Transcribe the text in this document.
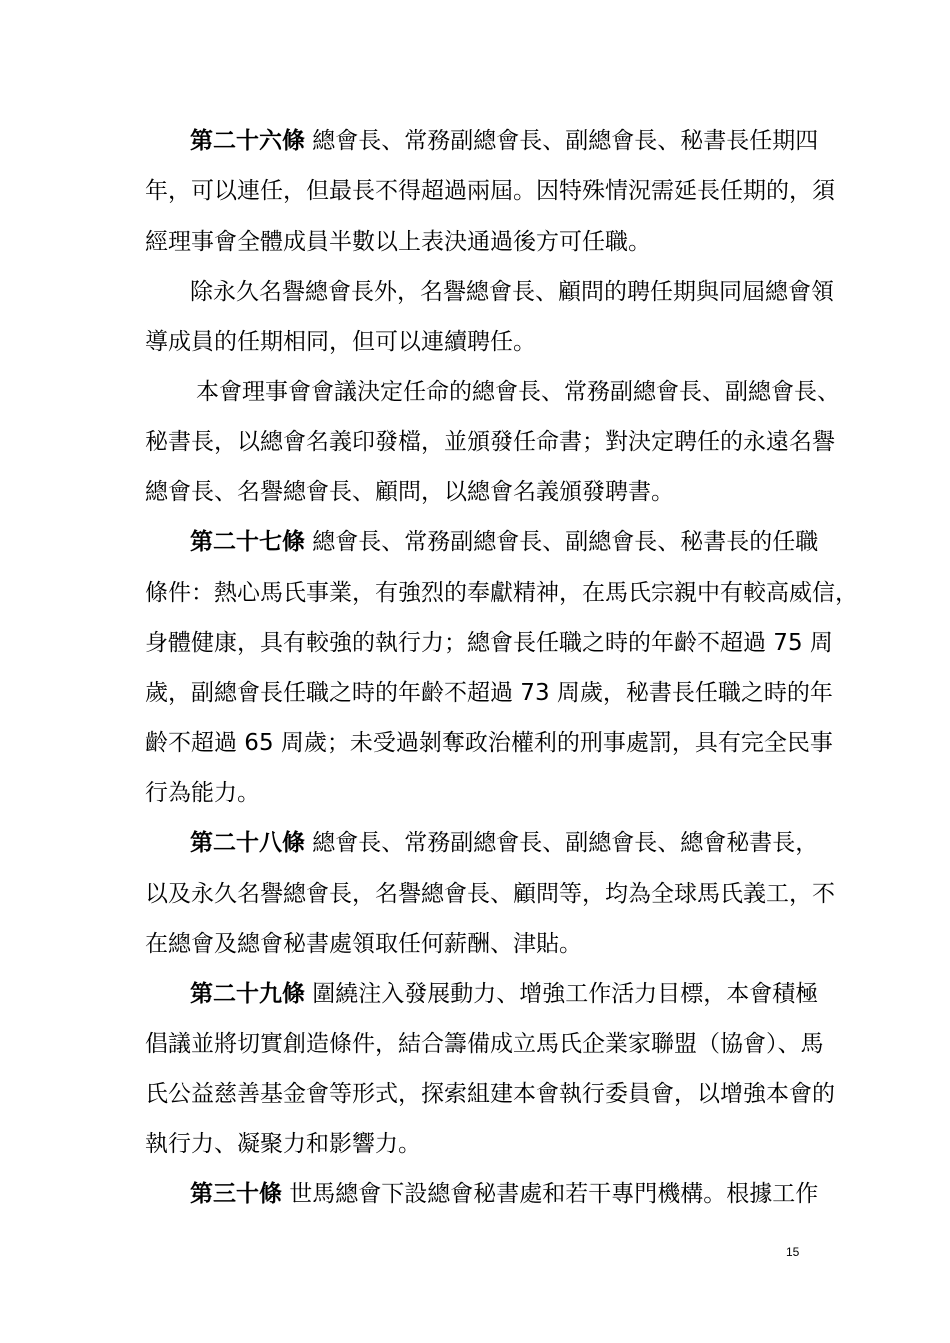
第二十六條 總會長、常務副總會長、副總會長、秘書長任期四
年，可以連任，但最長不得超過兩屆。因特殊情況需延長任期的，須
經理事會全體成員半數以上表決通過後方可任職。
除永久名譽總會長外，名譽總會長、顧問的聘任期與同屆總會領
導成員的任期相同，但可以連續聘任。
本會理事會會議決定任命的總會長、常務副總會長、副總會長、
秘書長，以總會名義印發檔，並頒發任命書；對決定聘任的永遠名譽
總會長、名譽總會長、顧問，以總會名義頒發聘書。
第二十七條 總會長、常務副總會長、副總會長、秘書長的任職
條件：熱心馬氏事業，有強烈的奉獻精神，在馬氏宗親中有較高威信，
身體健康，具有較強的執行力；總會長任職之時的年齡不超過 75 周
歲，副總會長任職之時的年齡不超過 73 周歲，秘書長任職之時的年
齡不超過 65 周歲；未受過剝奪政治權利的刑事處罰，具有完全民事
行為能力。
第二十八條 總會長、常務副總會長、副總會長、總會秘書長，
以及永久名譽總會長，名譽總會長、顧問等，均為全球馬氏義工，不
在總會及總會秘書處領取任何薪酬、津貼。
第二十九條 圍繞注入發展動力、增強工作活力目標，本會積極
倡議並將切實創造條件，結合籌備成立馬氏企業家聯盟（協會）、馬
氏公益慈善基金會等形式，探索組建本會執行委員會，以增強本會的
執行力、凝聚力和影響力。
第三十條 世馬總會下設總會秘書處和若干專門機構。根據工作
15
